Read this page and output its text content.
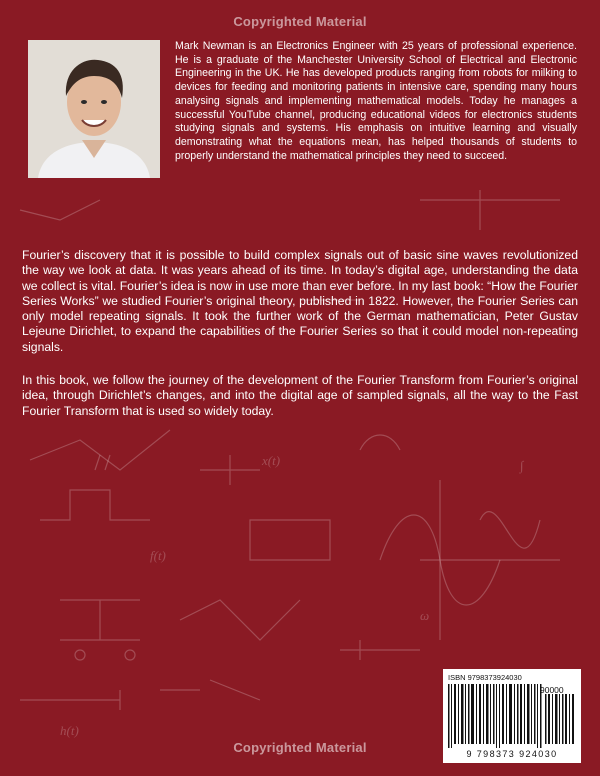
x(t)	∫
f(t)
h(t)
ω
Copyrighted Material

Mark Newman is an Electronics Engineer with 25 years of professional experience. He is a graduate of the Manchester University School of Electrical and Electronic Engineering in the UK. He has developed products ranging from robots for milking to devices for feeding and monitoring patients in intensive care, spending many hours analysing signals and implementing mathematical models. Today he manages a successful YouTube channel, producing educational videos for electronics students studying signals and systems. His emphasis on intuitive learning and visually demonstrating what the equations mean, has helped thousands of students to properly understand the mathematical principles they need to succeed.

Fourier’s discovery that it is possible to build complex signals out of basic sine waves revolutionized the way we look at data. It was years ahead of its time. In today’s digital age, understanding the data we collect is vital. Fourier’s idea is now in use more than ever before. In my last book: “How the Fourier Series Works” we studied Fourier’s original theory, published in 1822. However, the Fourier Series can only model repeating signals. It took the further work of the German mathematician, Peter Gustav Lejeune Dirichlet, to expand the capabilities of the Fourier Series so that it could model non-repeating signals.

In this book, we follow the journey of the development of the Fourier Transform from Fourier’s original idea, through Dirichlet’s changes, and into the digital age of sampled signals, all the way to the Fast Fourier Transform that is used so widely today.

ISBN 9798373924030
90000
9 798373 924030
Copyrighted Material
